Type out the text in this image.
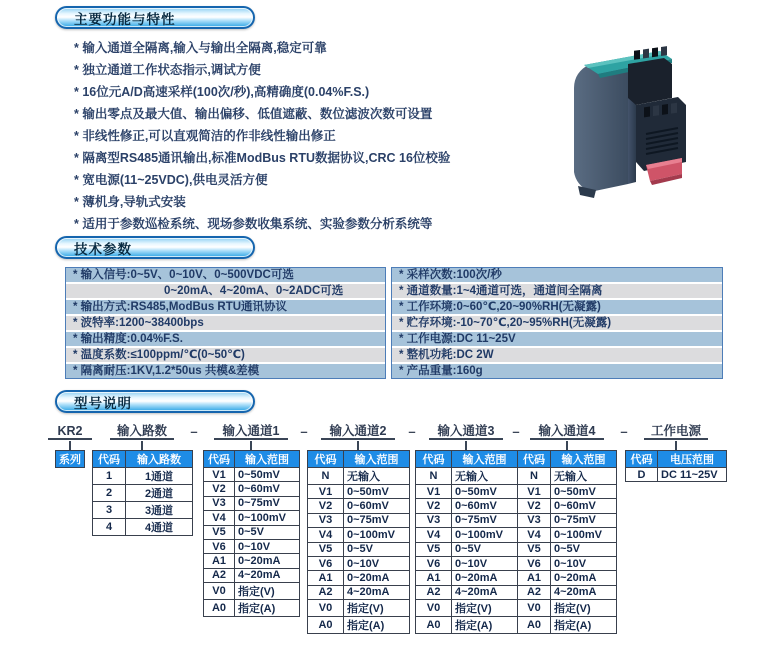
主要功能与特性
* 输入通道全隔离,输入与输出全隔离,稳定可靠
* 独立通道工作状态指示,调试方便
* 16位元A/D高速采样(100次/秒),高精确度(0.04%F.S.)
* 输出零点及最大值、输出偏移、低值遮蔽、数位滤波次数可设置
* 非线性修正,可以直观简洁的作非线性输出修正
* 隔离型RS485通讯输出,标准ModBus RTU数据协议,CRC 16位校验
* 宽电源(11~25VDC),供电灵活方便
* 薄机身,导轨式安装
* 适用于参数巡检系统、现场参数收集系统、实验参数分析系统等
技术参数
* 输入信号:0~5V、0~10V、0~500VDC可选
0~20mA、4~20mA、0~2ADC可选
* 输出方式:RS485,ModBus RTU通讯协议
* 波特率:1200~38400bps
* 输出精度:0.04%F.S.
* 温度系数:≤100ppm/℃(0~50℃)
* 隔离耐压:1KV,1.2*50us 共模&差模
* 采样次数:100次/秒
* 通道数量:1~4通道可选，通道间全隔离
* 工作环境:0~60℃,20~90%RH(无凝露)
* 贮存环境:-10~70℃,20~95%RH(无凝露)
* 工作电源:DC 11~25V
* 整机功耗:DC 2W
* 产品重量:160g
型号说明
KR2	输入路数	输入通道1	输入通道2	输入通道3	输入通道4	工作电源
–	–	–	–	–
系列 代码	输入路数
1	1通道
2	2通道
3	3通道
4	4通道
代码	输入范围
V1	0~50mV
V2	0~60mV
V3	0~75mV
V4	0~100mV
V5	0~5V
V6	0~10V
A1	0~20mA
A2	4~20mA
V0	指定(V)
A0	指定(A)
代码	输入范围
N	无输入
V1	0~50mV
V2	0~60mV
V3	0~75mV
V4	0~100mV
V5	0~5V
V6	0~10V
A1	0~20mA
A2	4~20mA
V0	指定(V)
A0	指定(A)
代码	输入范围
N	无输入
V1	0~50mV
V2	0~60mV
V3	0~75mV
V4	0~100mV
V5	0~5V
V6	0~10V
A1	0~20mA
A2	4~20mA
V0	指定(V)
A0	指定(A)
代码	输入范围
N	无输入
V1	0~50mV
V2	0~60mV
V3	0~75mV
V4	0~100mV
V5	0~5V
V6	0~10V
A1	0~20mA
A2	4~20mA
V0	指定(V)
A0	指定(A)
代码	电压范围
D	DC 11~25V
